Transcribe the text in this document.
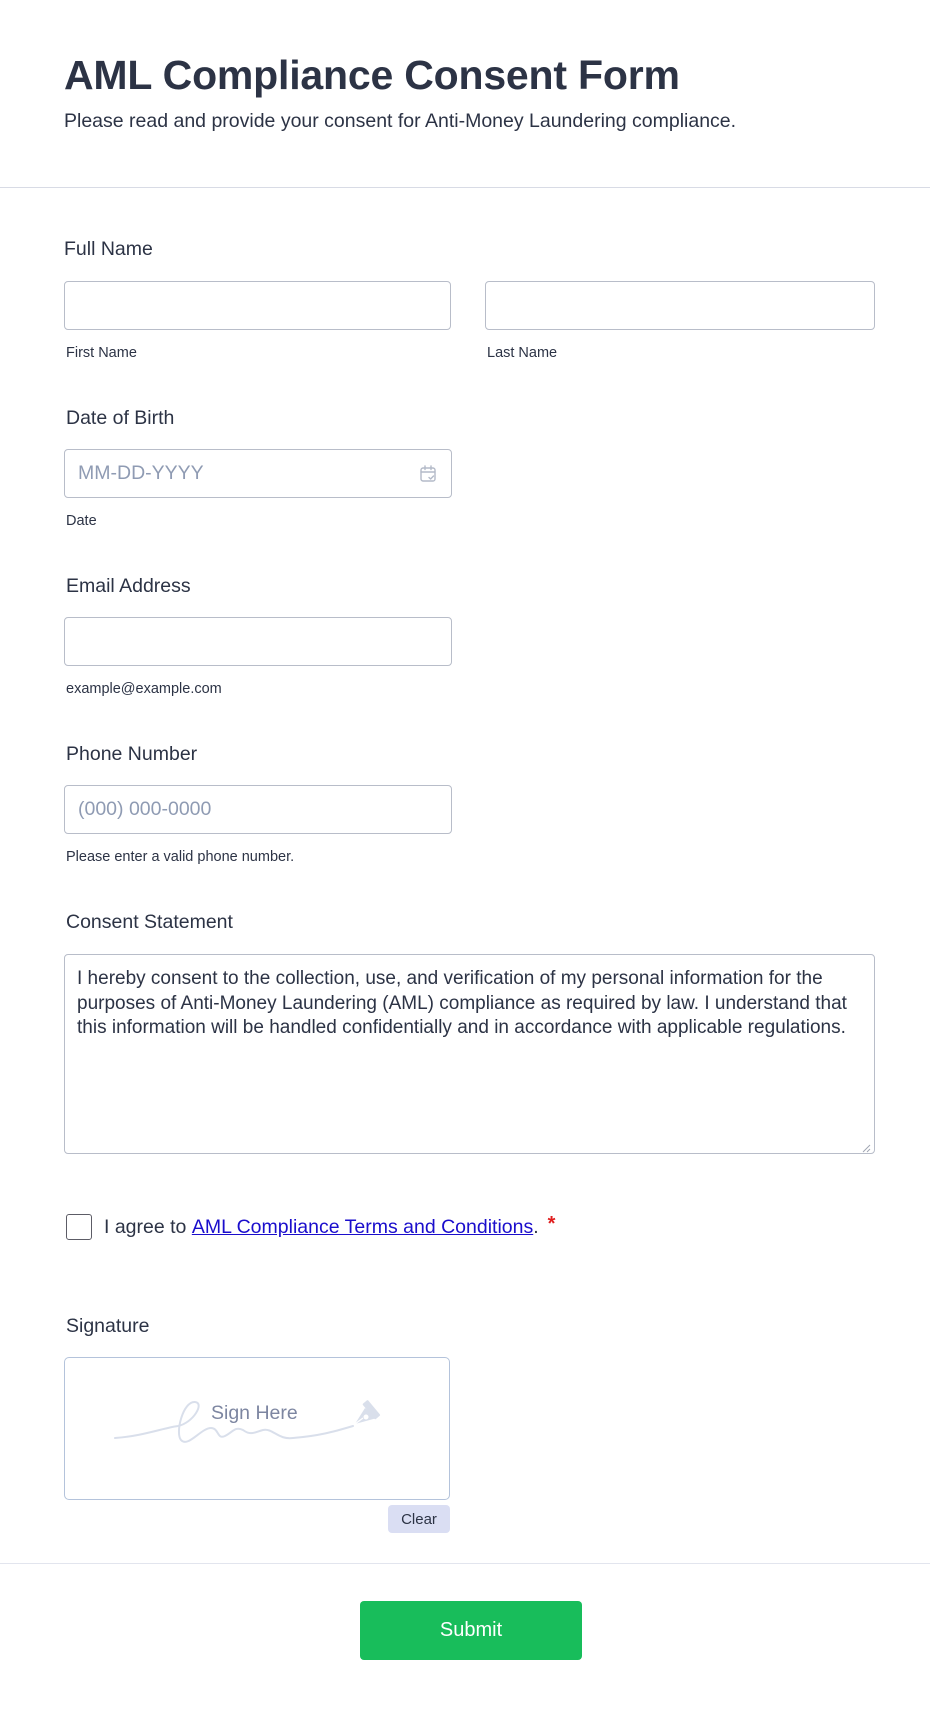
AML Compliance Consent Form

Please read and provide your consent for Anti-Money Laundering compliance.

Full Name
First Name	Last Name
Date of Birth
MM-DD-YYYY
Date
Email Address
example@example.com
Phone Number
(000) 000-0000
Please enter a valid phone number.
Consent Statement
I hereby consent to the collection, use, and verification of my personal information for the purposes of Anti-Money Laundering (AML) compliance as required by law. I understand that this information will be handled confidentially and in accordance with applicable regulations.
I agree to AML Compliance Terms and Conditions . *
Signature
Sign Here
Clear
Submit
